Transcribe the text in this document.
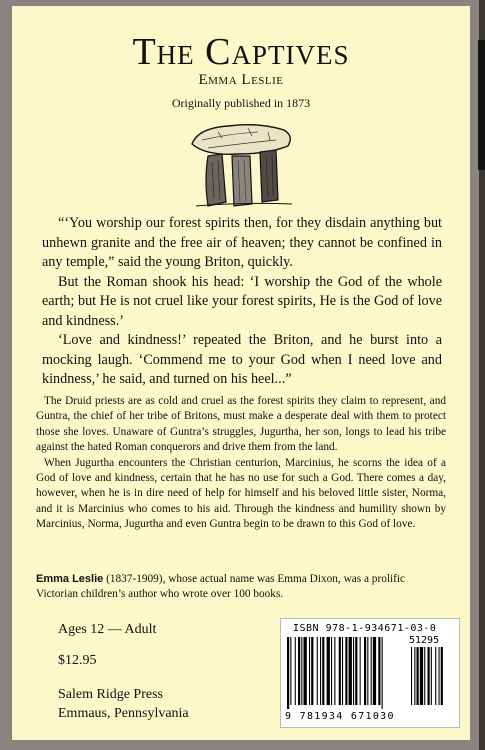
The Captives
Emma Leslie
Originally published in 1873

“‘You worship our forest spirits then, for they disdain anything but unhewn granite and the free air of heaven; they cannot be confined in any temple,” said the young Briton, quickly.

But the Roman shook his head: ‘I worship the God of the whole earth; but He is not cruel like your forest spirits, He is the God of love and kindness.’

‘Love and kindness!’ repeated the Briton, and he burst into a mocking laugh. ‘Commend me to your God when I need love and kindness,’ he said, and turned on his heel...”

The Druid priests are as cold and cruel as the forest spirits they claim to represent, and Guntra, the chief of her tribe of Britons, must make a desperate deal with them to protect those she loves. Unaware of Guntra’s struggles, Jugurtha, her son, longs to lead his tribe against the hated Roman conquerors and drive them from the land.

When Jugurtha encounters the Christian centurion, Marcinius, he scorns the idea of a God of love and kindness, certain that he has no use for such a God. There comes a day, however, when he is in dire need of help for himself and his beloved little sister, Norma, and it is Marcinius who comes to his aid. Through the kindness and humility shown by Marcinius, Norma, Jugurtha and even Guntra begin to be drawn to this God of love.

Emma Leslie (1837-1909), whose actual name was Emma Dixon, was a prolific Victorian children’s author who wrote over 100 books.

Ages 12 — Adult
$12.95
Salem Ridge Press
Emmaus, Pennsylvania
ISBN 978-1-934671-03-0
51295
9 781934 671030
